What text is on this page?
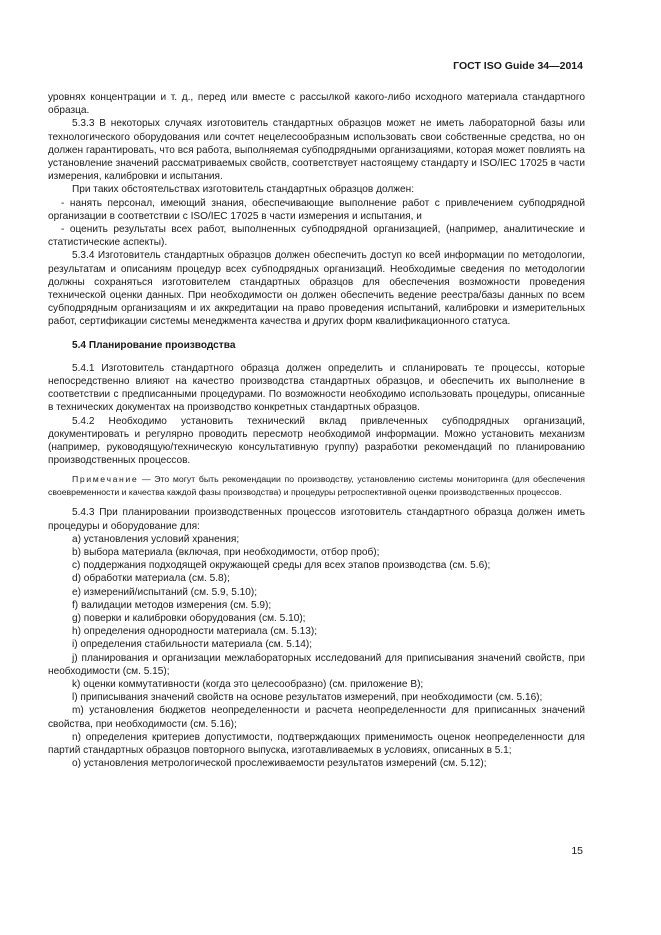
ГОСТ ISO Guide 34—2014

уровнях концентрации и т. д., перед или вместе с рассылкой какого-либо исходного материала стандартного образца.

5.3.3 В некоторых случаях изготовитель стандартных образцов может не иметь лабораторной базы или технологического оборудования или сочтет нецелесообразным использовать свои собственные средства, но он должен гарантировать, что вся работа, выполняемая субподрядными организациями, которая может повлиять на установление значений рассматриваемых свойств, соответствует настоящему стандарту и ISO/IEC 17025 в части измерения, калибровки и испытания.

При таких обстоятельствах изготовитель стандартных образцов должен:

- нанять персонал, имеющий знания, обеспечивающие выполнение работ с привлечением субподрядной организации в соответствии с ISO/IEC 17025 в части измерения и испытания, и

- оценить результаты всех работ, выполненных субподрядной организацией, (например, аналитические и статистические аспекты).

5.3.4 Изготовитель стандартных образцов должен обеспечить доступ ко всей информации по методологии, результатам и описаниям процедур всех субподрядных организаций. Необходимые сведения по методологии должны сохраняться изготовителем стандартных образцов для обеспечения возможности проведения технической оценки данных. При необходимости он должен обеспечить ведение реестра/базы данных по всем субподрядным организациям и их аккредитации на право проведения испытаний, калибровки и измерительных работ, сертификации системы менеджмента качества и других форм квалификационного статуса.

5.4 Планирование производства

5.4.1 Изготовитель стандартного образца должен определить и спланировать те процессы, которые непосредственно влияют на качество производства стандартных образцов, и обеспечить их выполнение в соответствии с предписанными процедурами. По возможности необходимо использовать процедуры, описанные в технических документах на производство конкретных стандартных образцов.

5.4.2 Необходимо установить технический вклад привлеченных субподрядных организаций, документировать и регулярно проводить пересмотр необходимой информации. Можно установить механизм (например, руководящую/техническую консультативную группу) разработки рекомендаций по планированию производственных процессов.

Примечание — Это могут быть рекомендации по производству, установлению системы мониторинга (для обеспечения своевременности и качества каждой фазы производства) и процедуры ретроспективной оценки производственных процессов.

5.4.3 При планировании производственных процессов изготовитель стандартного образца должен иметь процедуры и оборудование для:

a) установления условий хранения;

b) выбора материала (включая, при необходимости, отбор проб);

c) поддержания подходящей окружающей среды для всех этапов производства (см. 5.6);

d) обработки материала (см. 5.8);

e) измерений/испытаний (см. 5.9, 5.10);

f) валидации методов измерения (см. 5.9);

g) поверки и калибровки оборудования (см. 5.10);

h) определения однородности материала (см. 5.13);

i) определения стабильности материала (см. 5.14);

j) планирования и организации межлабораторных исследований для приписывания значений свойств, при необходимости (см. 5.15);

k) оценки коммутативности (когда это целесообразно) (см. приложение В);

l) приписывания значений свойств на основе результатов измерений, при необходимости (см. 5.16);

m) установления бюджетов неопределенности и расчета неопределенности для приписанных значений свойства, при необходимости (см. 5.16);

n) определения критериев допустимости, подтверждающих применимость оценок неопределенности для партий стандартных образцов повторного выпуска, изготавливаемых в условиях, описанных в 5.1;

o) установления метрологической прослеживаемости результатов измерений (см. 5.12);

15
